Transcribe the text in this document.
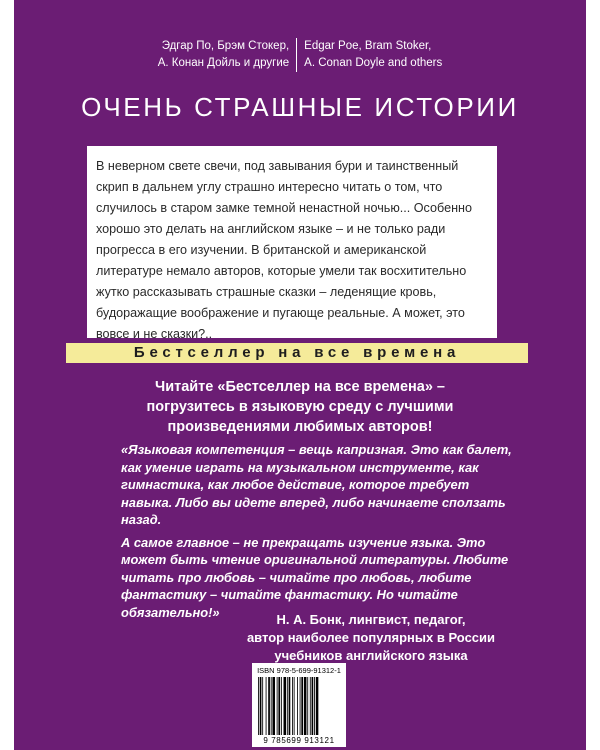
Эдгар По, Брэм Стокер,
А. Конан Дойль и другие
Edgar Poe, Bram Stoker,
A. Conan Doyle and others
ОЧЕНЬ СТРАШНЫЕ ИСТОРИИ

В неверном свете свечи, под завывания бури и таинственный скрип в дальнем углу страшно интересно читать о том, что случилось в старом замке темной ненастной ночью... Особенно хорошо это делать на английском языке – и не только ради прогресса в его изучении. В британской и американской литературе немало авторов, которые умели так восхитительно жутко рассказывать страшные сказки – леденящие кровь, будоражащие воображение и пугающе реальные. А может, это вовсе и не сказки?..

Бестселлер на все времена
Читайте «Бестселлер на все времена» –
погрузитесь в языковую среду с лучшими
произведениями любимых авторов!

«Языковая компетенция – вещь капризная. Это как балет, как умение играть на музыкальном инструменте, как гимнастика, как любое действие, которое требует навыка. Либо вы идете вперед, либо начинаете сползать назад.

А самое главное – не прекращать изучение языка. Это может быть чтение оригинальной литературы. Любите читать про любовь – читайте про любовь, любите фантастику – читайте фантастику. Но читайте обязательно!»	Н. А. Бонк, лингвист, педагог,
автор наиболее популярных в России
учебников английского языка
ISBN 978-5-699-91312-1
9 785699 913121
